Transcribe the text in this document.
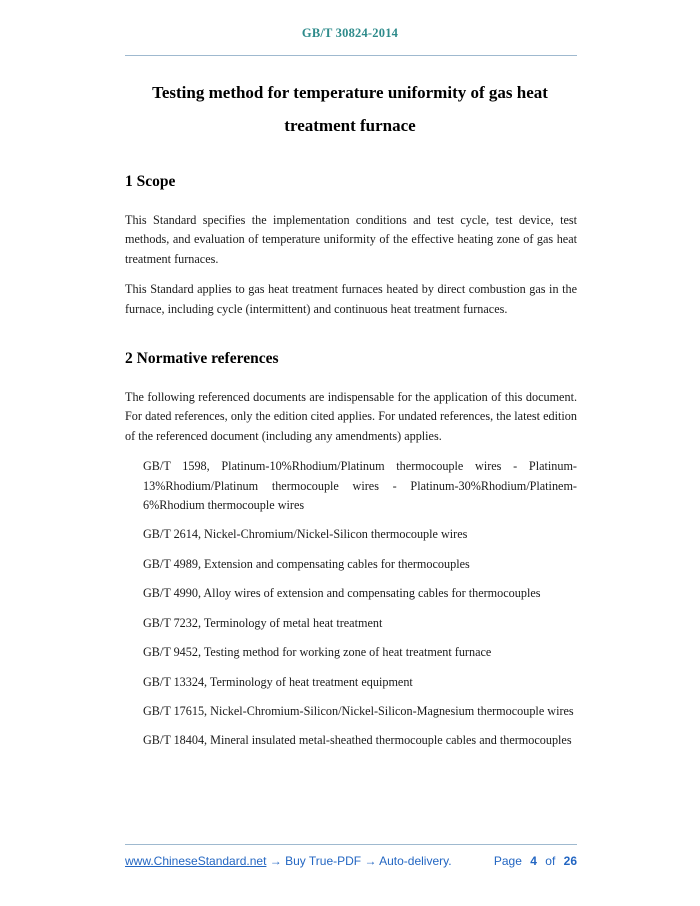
GB/T 30824-2014
Testing method for temperature uniformity of gas heat
treatment furnace
1 Scope

This Standard specifies the implementation conditions and test cycle, test device, test methods, and evaluation of temperature uniformity of the effective heating zone of gas heat treatment furnaces.

This Standard applies to gas heat treatment furnaces heated by direct combustion gas in the furnace, including cycle (intermittent) and continuous heat treatment furnaces.

2 Normative references

The following referenced documents are indispensable for the application of this document. For dated references, only the edition cited applies. For undated references, the latest edition of the referenced document (including any amendments) applies.

GB/T 1598, Platinum-10%Rhodium/Platinum thermocouple wires - Platinum-13%Rhodium/Platinum thermocouple wires - Platinum-30%Rhodium/Platinem-6%Rhodium thermocouple wires

GB/T 2614, Nickel-Chromium/Nickel-Silicon thermocouple wires

GB/T 4989, Extension and compensating cables for thermocouples

GB/T 4990, Alloy wires of extension and compensating cables for thermocouples

GB/T 7232, Terminology of metal heat treatment

GB/T 9452, Testing method for working zone of heat treatment furnace

GB/T 13324, Terminology of heat treatment equipment

GB/T 17615, Nickel-Chromium-Silicon/Nickel-Silicon-Magnesium thermocouple wires

GB/T 18404, Mineral insulated metal-sheathed thermocouple cables and thermocouples

www.ChineseStandard.net → Buy True-PDF → Auto-delivery.	Page 4 of 26
